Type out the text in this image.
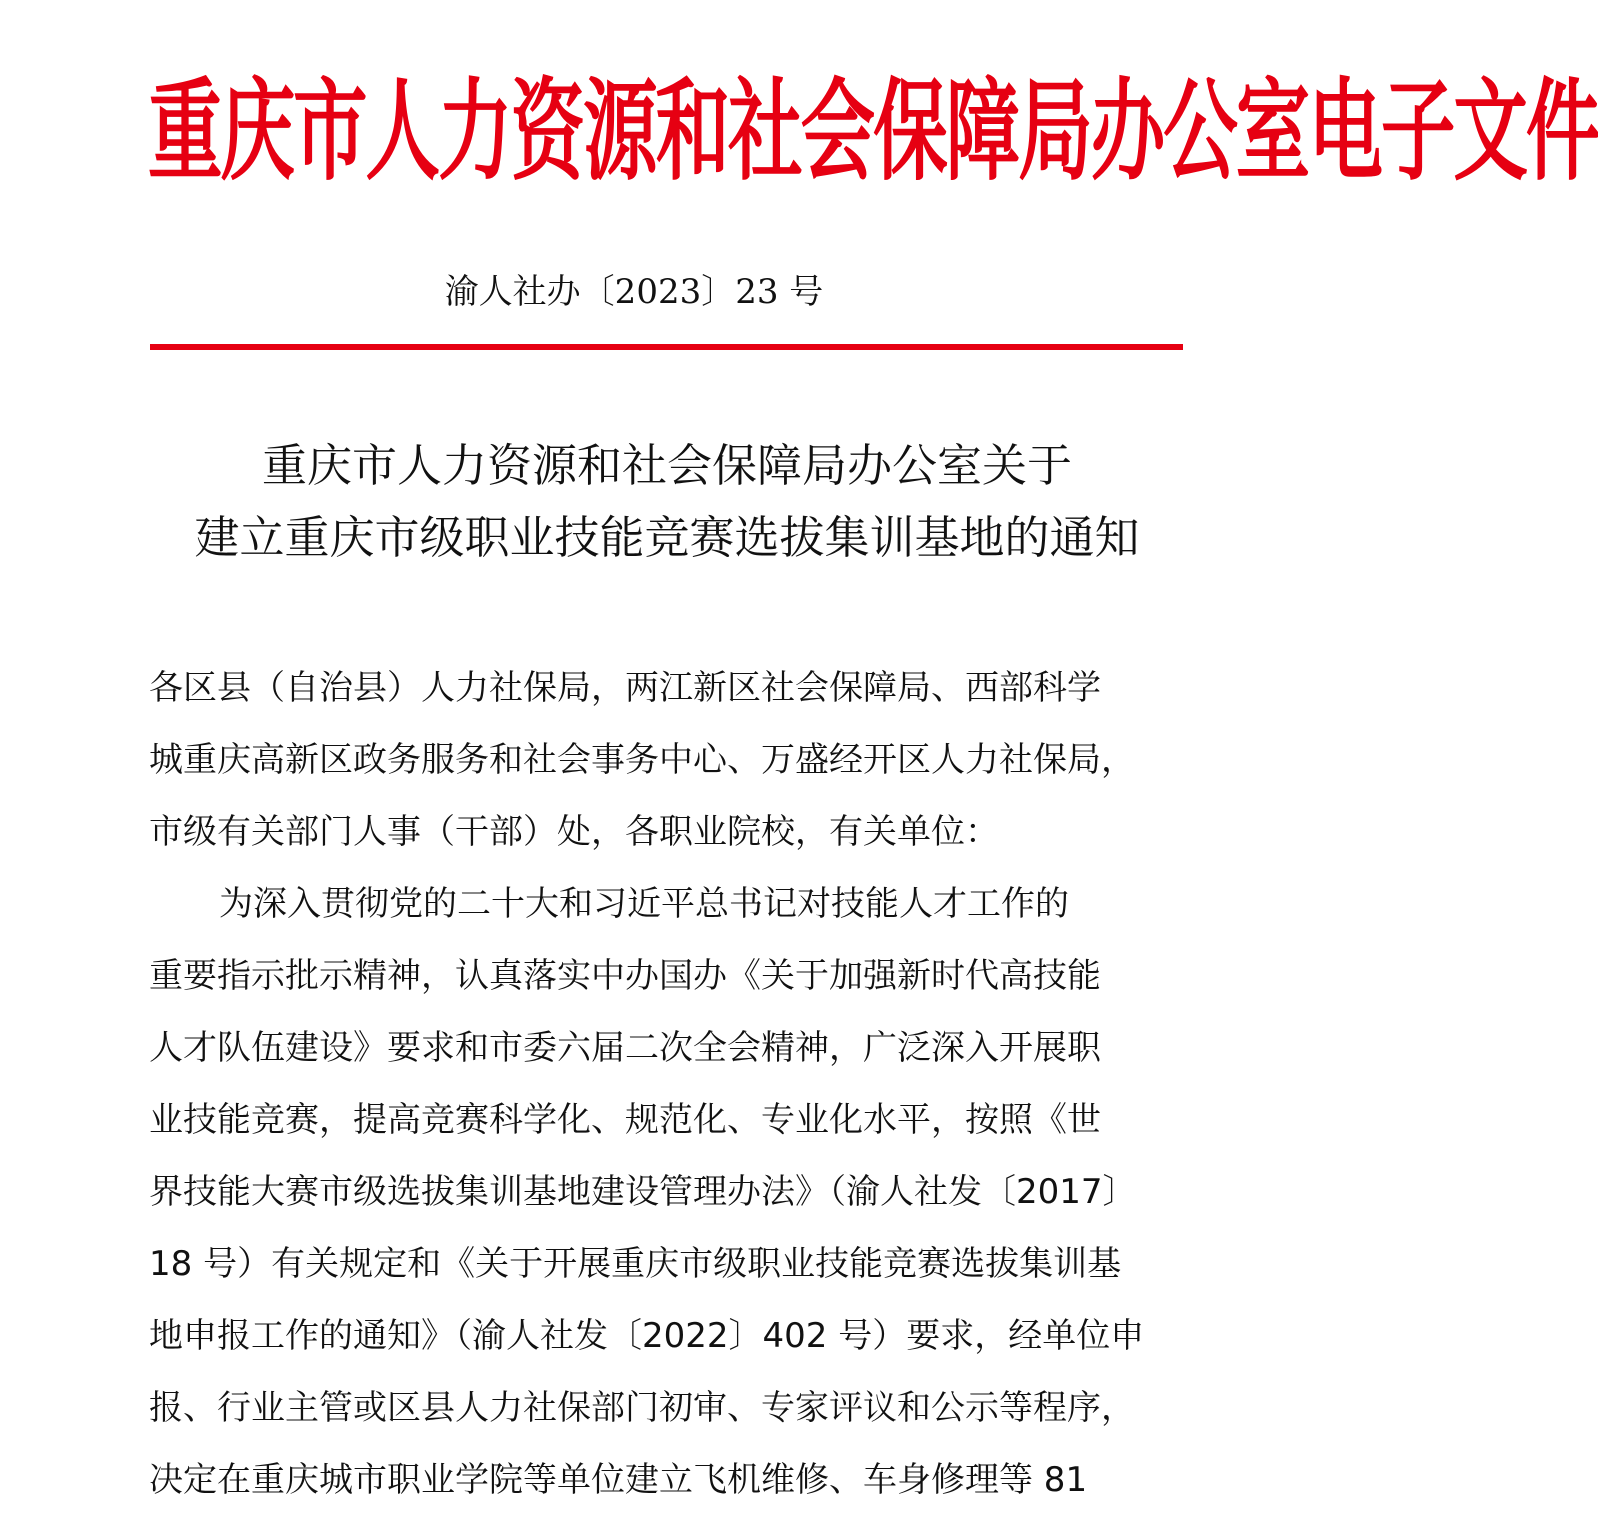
重庆市人力资源和社会保障局办公室电子文件
渝人社办〔2023〕23 号
重庆市人力资源和社会保障局办公室关于
建立重庆市级职业技能竞赛选拔集训基地的通知
各区县（自治县）人力社保局，两江新区社会保障局、西部科学
城重庆高新区政务服务和社会事务中心、万盛经开区人力社保局，
市级有关部门人事（干部）处，各职业院校，有关单位：
为深入贯彻党的二十大和习近平总书记对技能人才工作的
重要指示批示精神，认真落实中办国办《关于加强新时代高技能
人才队伍建设》要求和市委六届二次全会精神，广泛深入开展职
业技能竞赛，提高竞赛科学化、规范化、专业化水平，按照《世
界技能大赛市级选拔集训基地建设管理办法》（渝人社发〔2017〕
18 号）有关规定和《关于开展重庆市级职业技能竞赛选拔集训基
地申报工作的通知》（渝人社发〔2022〕402 号）要求，经单位申
报、行业主管或区县人力社保部门初审、专家评议和公示等程序，
决定在重庆城市职业学院等单位建立飞机维修、车身修理等 81
